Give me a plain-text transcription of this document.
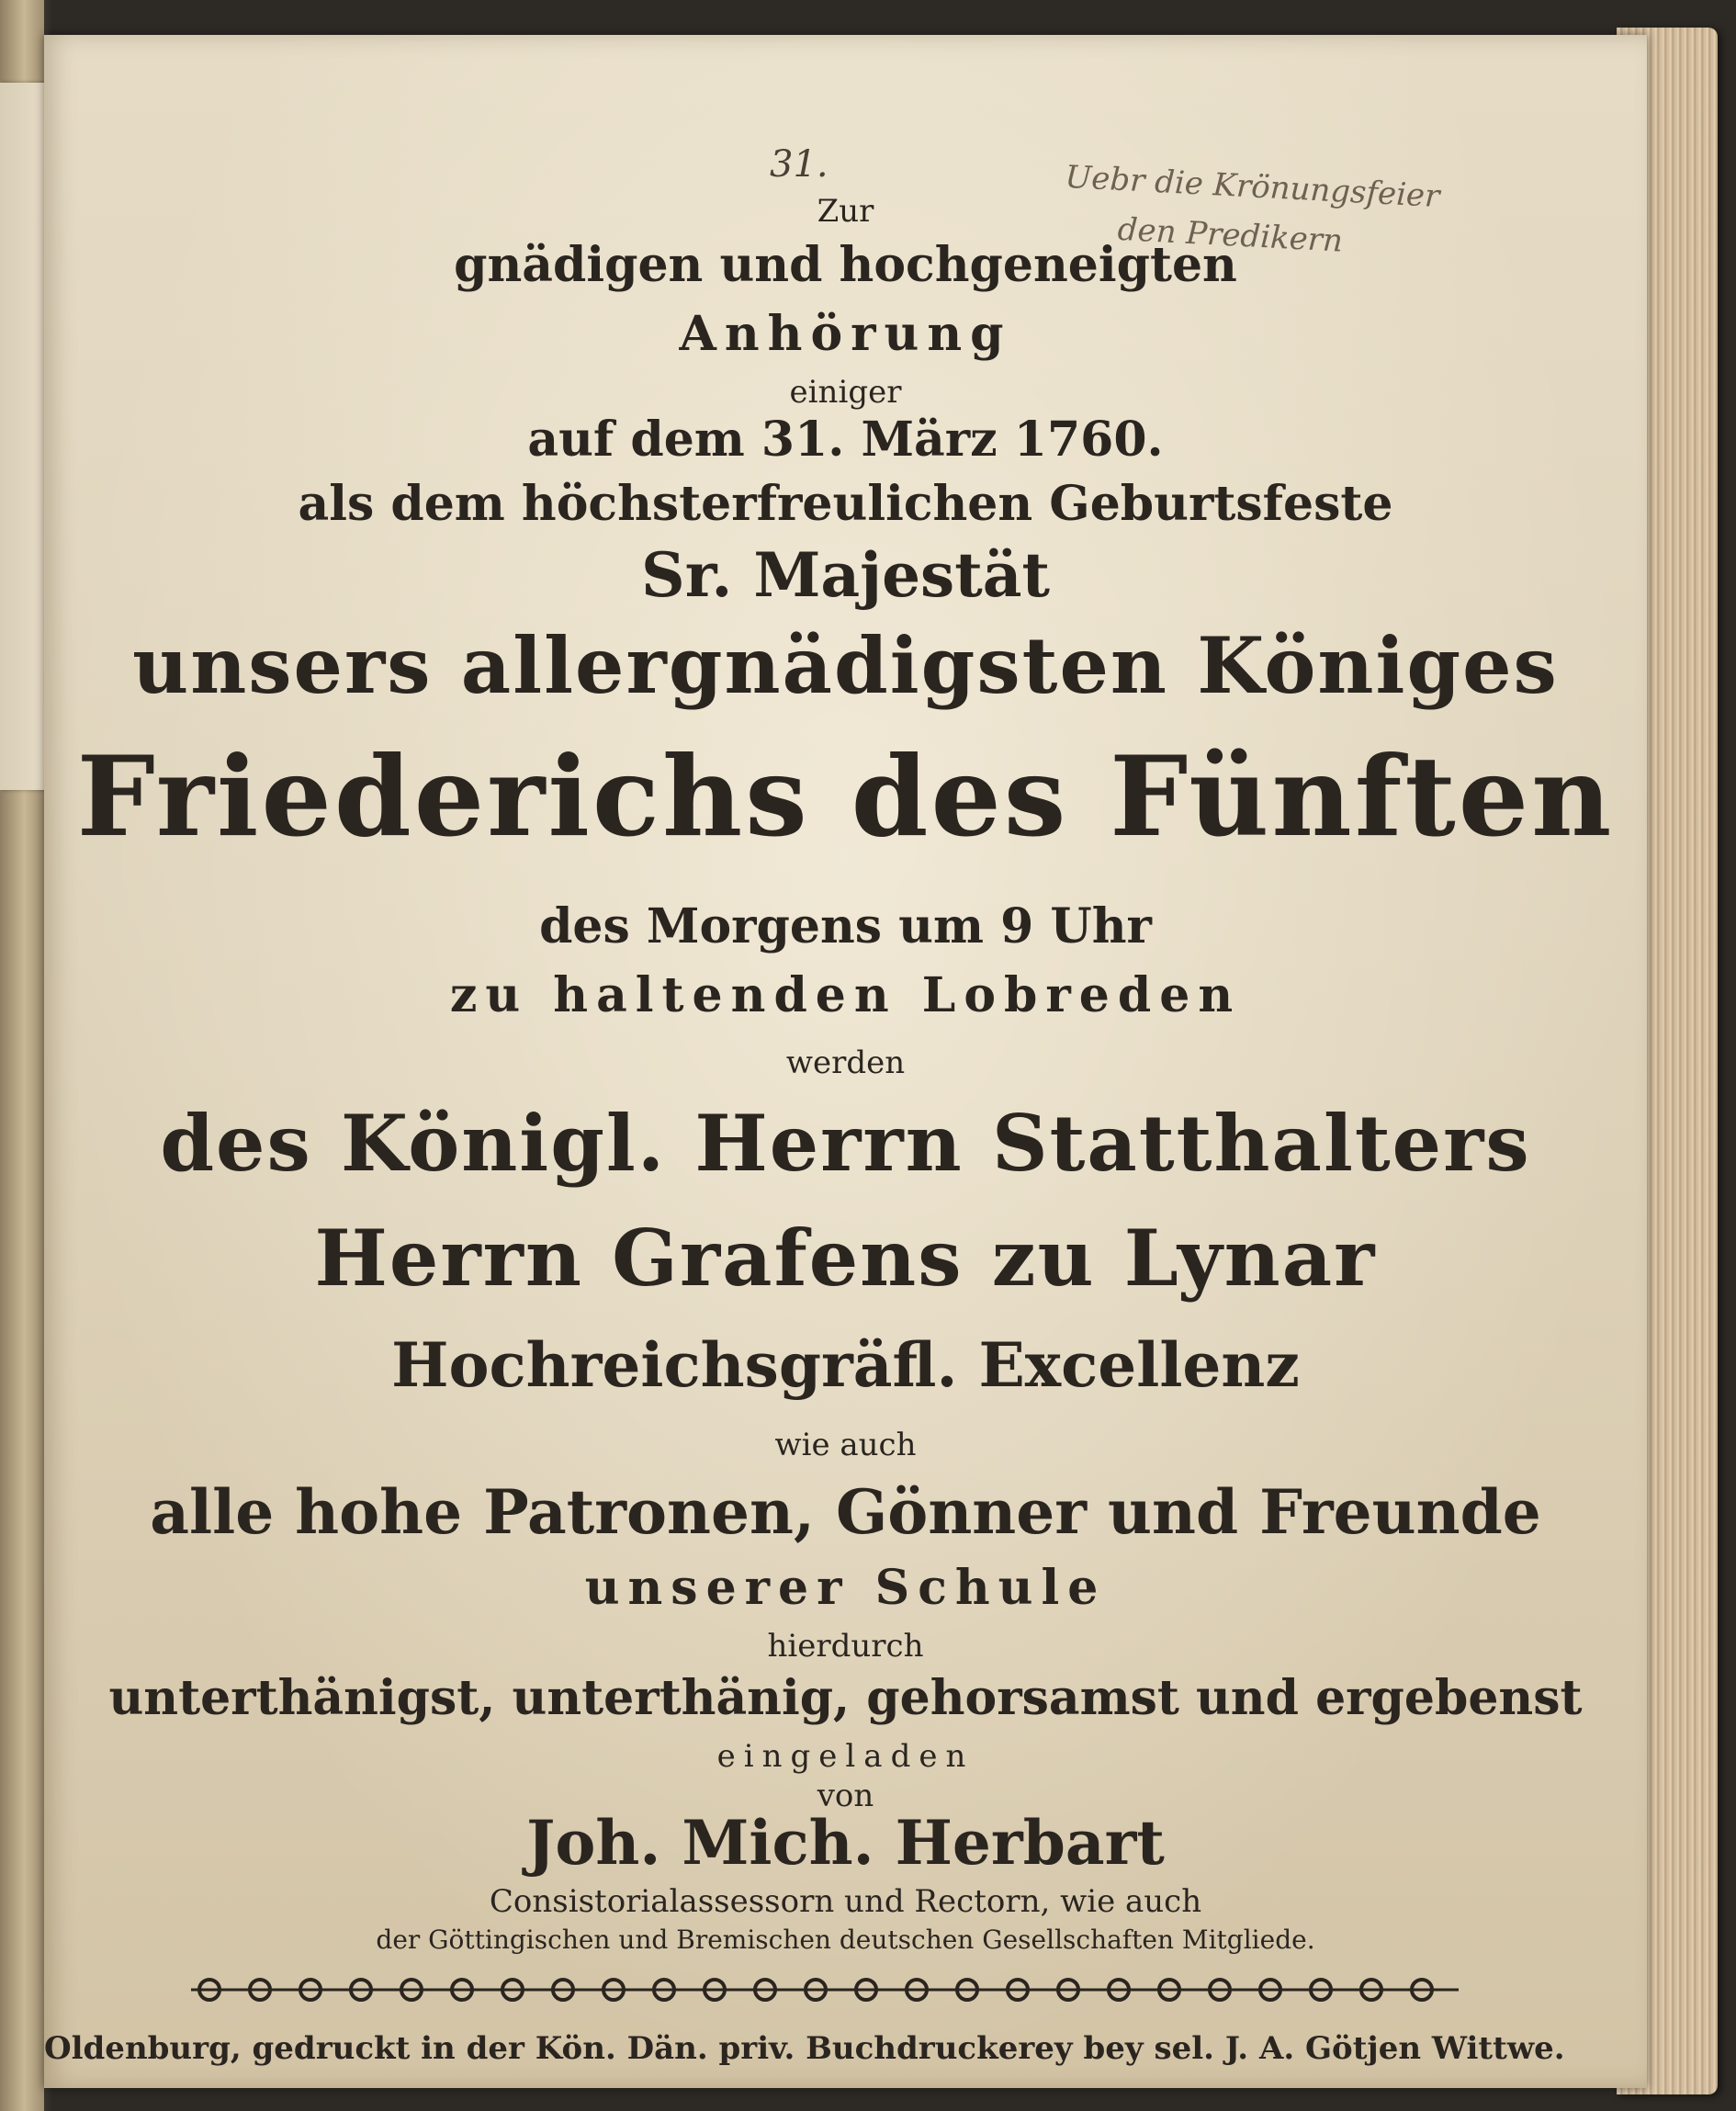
31.	Uebr die Krönungsfeier
den Predikern
Zur
gnädigen und hochgeneigten
Anhörung
einiger
auf dem 31. März 1760.
als dem höchsterfreulichen Geburtsfeste
Sr. Majestät
unsers allergnädigsten Königes
Friederichs des Fünften
des Morgens um 9 Uhr
zu haltenden Lobreden
werden
des Königl. Herrn Statthalters
Herrn Grafens zu Lynar
Hochreichsgräfl. Excellenz
wie auch
alle hohe Patronen, Gönner und Freunde
unserer Schule
hierdurch
unterthänigst, unterthänig, gehorsamst und ergebenst
eingeladen
von
Joh. Mich. Herbart
Consistorialassessorn und Rectorn, wie auch
der Göttingischen und Bremischen deutschen Gesellschaften Mitgliede.
Oldenburg, gedruckt in der Kön. Dän. priv. Buchdruckerey bey sel. J. A. Götjen Wittwe.
